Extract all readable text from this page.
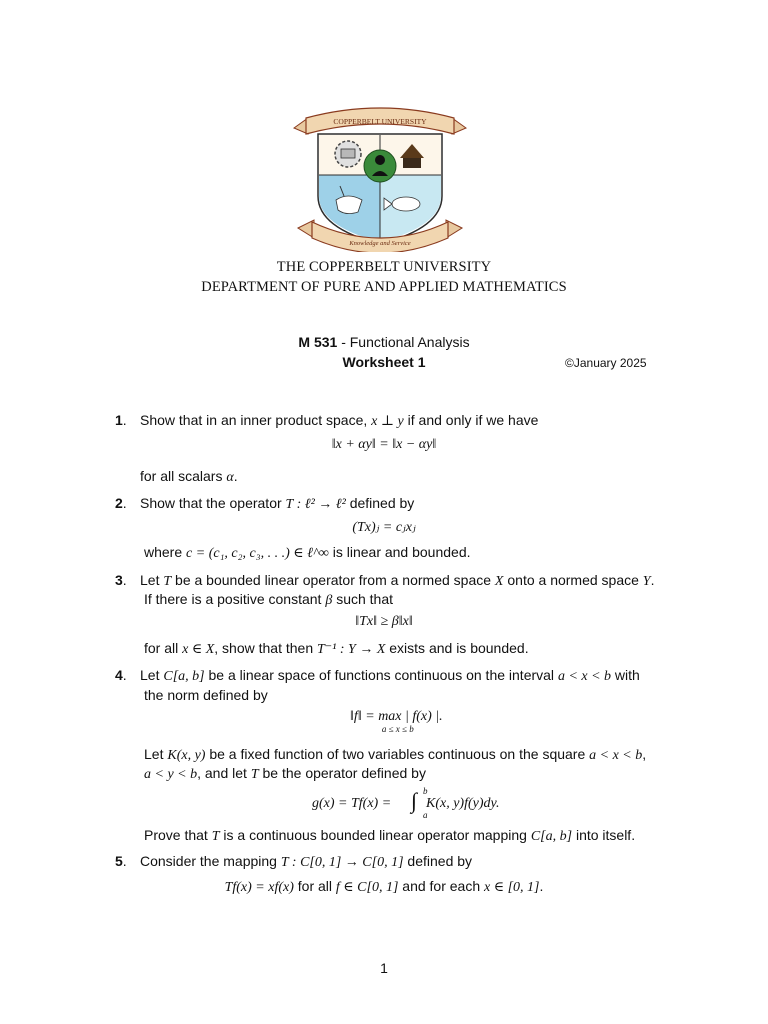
COPPERBELT UNIVERSITY
Knowledge and Service
THE COPPERBELT UNIVERSITY
DEPARTMENT OF PURE AND APPLIED MATHEMATICS
M 531 - Functional Analysis
Worksheet 1	©January 2025
1. Show that in an inner product space, x ⊥ y if and only if we have
‖x + αy‖ = ‖x − αy‖
for all scalars α.
2. Show that the operator T : ℓ² → ℓ² defined by
(Tx)ⱼ = cⱼxⱼ
where c = (c₁, c₂, c₃, . . .) ∈ ℓ^∞ is linear and bounded.
3. Let T be a bounded linear operator from a normed space X onto a normed space Y.
If there is a positive constant β such that
‖Tx‖ ≥ β‖x‖
for all x ∈ X, show that then T⁻¹ : Y → X exists and is bounded.
4. Let C[a, b] be a linear space of functions continuous on the interval a < x < b with
the norm defined by
‖f‖ = max
$^{a \le x \le b}$ | f(x) |.
Let K(x, y) be a fixed function of two variables continuous on the square a < x < b,
a < y < b, and let T be the operator defined by
g(x) = Tf(x) = ∫ b
a
K(x, y)f(y)dy.
Prove that T is a continuous bounded linear operator mapping C[a, b] into itself.
5. Consider the mapping T : C[0, 1] → C[0, 1] defined by
Tf(x) = xf(x) for all f ∈ C[0, 1] and for each x ∈ [0, 1].
1
